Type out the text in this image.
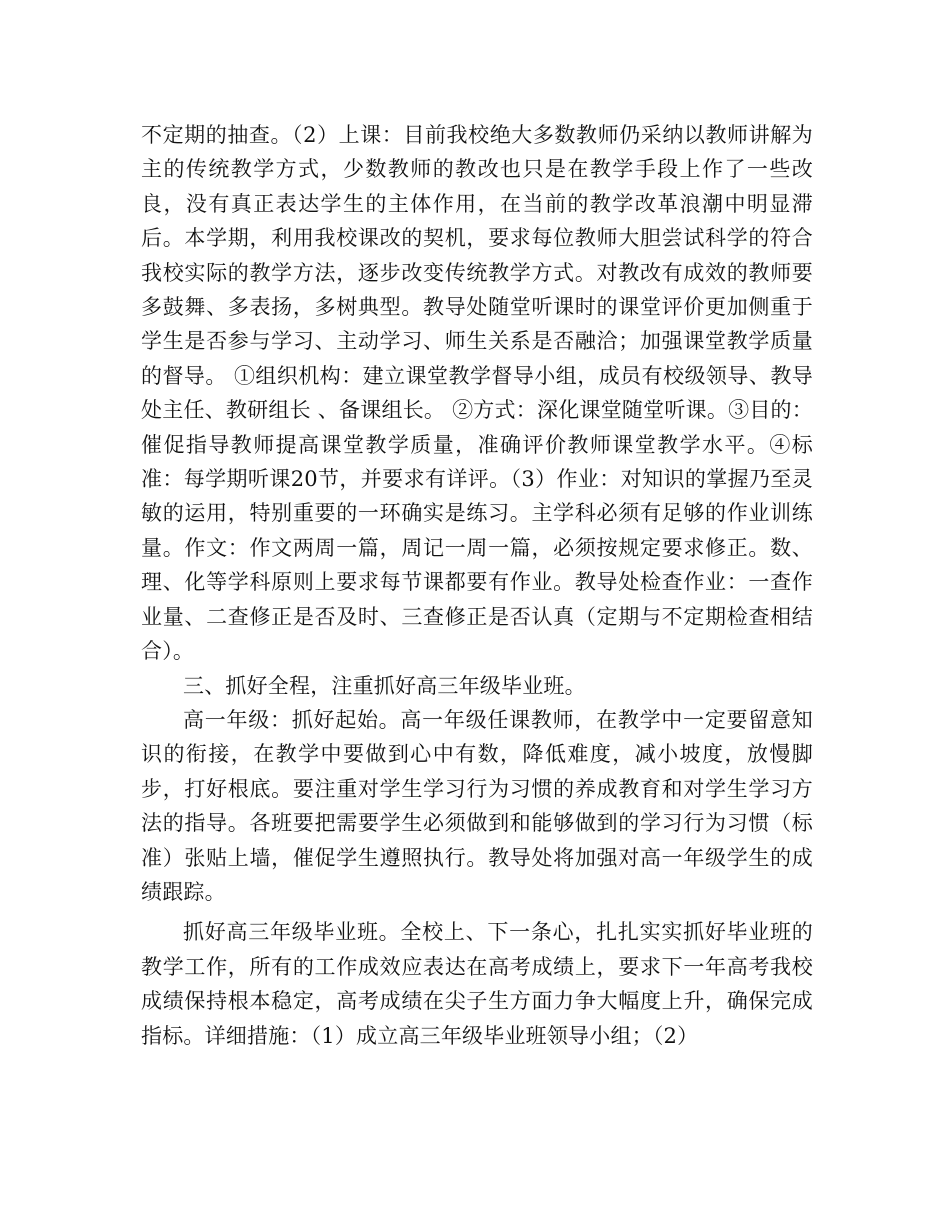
不定期的抽查。（2）上课：目前我校绝大多数教师仍采纳以教师讲解为主的传统教学方式，少数教师的教改也只是在教学手段上作了一些改良，没有真正表达学生的主体作用，在当前的教学改革浪潮中明显滞后。本学期，利用我校课改的契机，要求每位教师大胆尝试科学的符合我校实际的教学方法，逐步改变传统教学方式。对教改有成效的教师要多鼓舞、多表扬，多树典型。教导处随堂听课时的课堂评价更加侧重于学生是否参与学习、主动学习、师生关系是否融洽；加强课堂教学质量的督导。 ①组织机构：建立课堂教学督导小组，成员有校级领导、教导处主任、教研组长 、备课组长。 ②方式：深化课堂随堂听课。③目的：催促指导教师提高课堂教学质量，准确评价教师课堂教学水平。④标准：每学期听课20节，并要求有详评。（3）作业：对知识的掌握乃至灵敏的运用，特别重要的一环确实是练习。主学科必须有足够的作业训练量。作文：作文两周一篇，周记一周一篇，必须按规定要求修正。数、理、化等学科原则上要求每节课都要有作业。教导处检查作业：一查作业量、二查修正是否及时、三查修正是否认真（定期与不定期检查相结合）。

三、抓好全程，注重抓好高三年级毕业班。

高一年级：抓好起始。高一年级任课教师，在教学中一定要留意知识的衔接，在教学中要做到心中有数，降低难度，减小坡度，放慢脚步，打好根底。要注重对学生学习行为习惯的养成教育和对学生学习方法的指导。各班要把需要学生必须做到和能够做到的学习行为习惯（标准）张贴上墙，催促学生遵照执行。教导处将加强对高一年级学生的成绩跟踪。

抓好高三年级毕业班。全校上、下一条心，扎扎实实抓好毕业班的教学工作，所有的工作成效应表达在高考成绩上，要求下一年高考我校成绩保持根本稳定，高考成绩在尖子生方面力争大幅度上升，确保完成指标。详细措施：（1）成立高三年级毕业班领导小组；（2）
